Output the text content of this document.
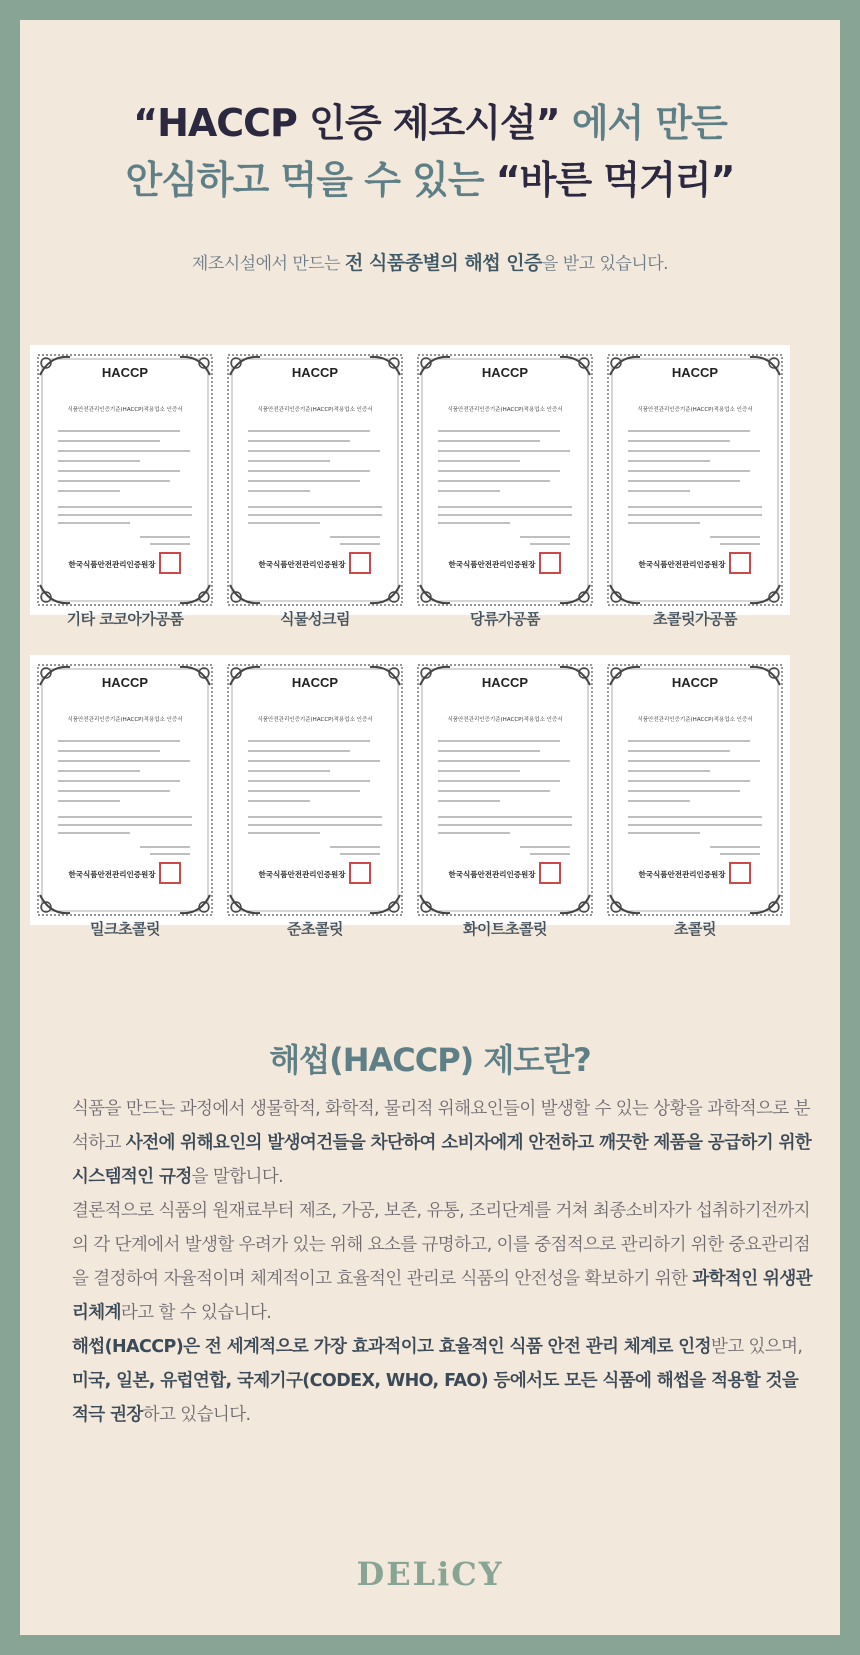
“HACCP 인증 제조시설” 에서 만든
안심하고 먹을 수 있는 “바른 먹거리”
제조시설에서 만드는 전 식품종별의 해썹 인증을 받고 있습니다.
해썹(HACCP) 제도란?

식품을 만드는 과정에서 생물학적, 화학적, 물리적 위해요인들이 발생할 수 있는 상황을 과학적으로 분석하고 사전에 위해요인의 발생여건들을 차단하여 소비자에게 안전하고 깨끗한 제품을 공급하기 위한 시스템적인 규정을 말합니다.

결론적으로 식품의 원재료부터 제조, 가공, 보존, 유통, 조리단계를 거쳐 최종소비자가 섭취하기전까지의 각 단계에서 발생할 우려가 있는 위해 요소를 규명하고, 이를 중점적으로 관리하기 위한 중요관리점을 결정하여 자율적이며 체계적이고 효율적인 관리로 식품의 안전성을 확보하기 위한 과학적인 위생관리체계라고 할 수 있습니다.

해썹(HACCP)은 전 세계적으로 가장 효과적이고 효율적인 식품 안전 관리 체계로 인정받고 있으며, 미국, 일본, 유럽연합, 국제기구(CODEX, WHO, FAO) 등에서도 모든 식품에 해썹을 적용할 것을 적극 권장하고 있습니다.

DELiCY
HACCP
식품안전관리인증기준(HACCP)적용업소 인증서
한국식품안전관리인증원장
기타 코코아가공품
HACCP
식품안전관리인증기준(HACCP)적용업소 인증서
한국식품안전관리인증원장
식물성크림
HACCP
식품안전관리인증기준(HACCP)적용업소 인증서
한국식품안전관리인증원장
당류가공품
HACCP
식품안전관리인증기준(HACCP)적용업소 인증서
한국식품안전관리인증원장
초콜릿가공품
HACCP
식품안전관리인증기준(HACCP)적용업소 인증서
한국식품안전관리인증원장
밀크초콜릿
HACCP
식품안전관리인증기준(HACCP)적용업소 인증서
한국식품안전관리인증원장
준초콜릿
HACCP
식품안전관리인증기준(HACCP)적용업소 인증서
한국식품안전관리인증원장
화이트초콜릿
HACCP
식품안전관리인증기준(HACCP)적용업소 인증서
한국식품안전관리인증원장
초콜릿
